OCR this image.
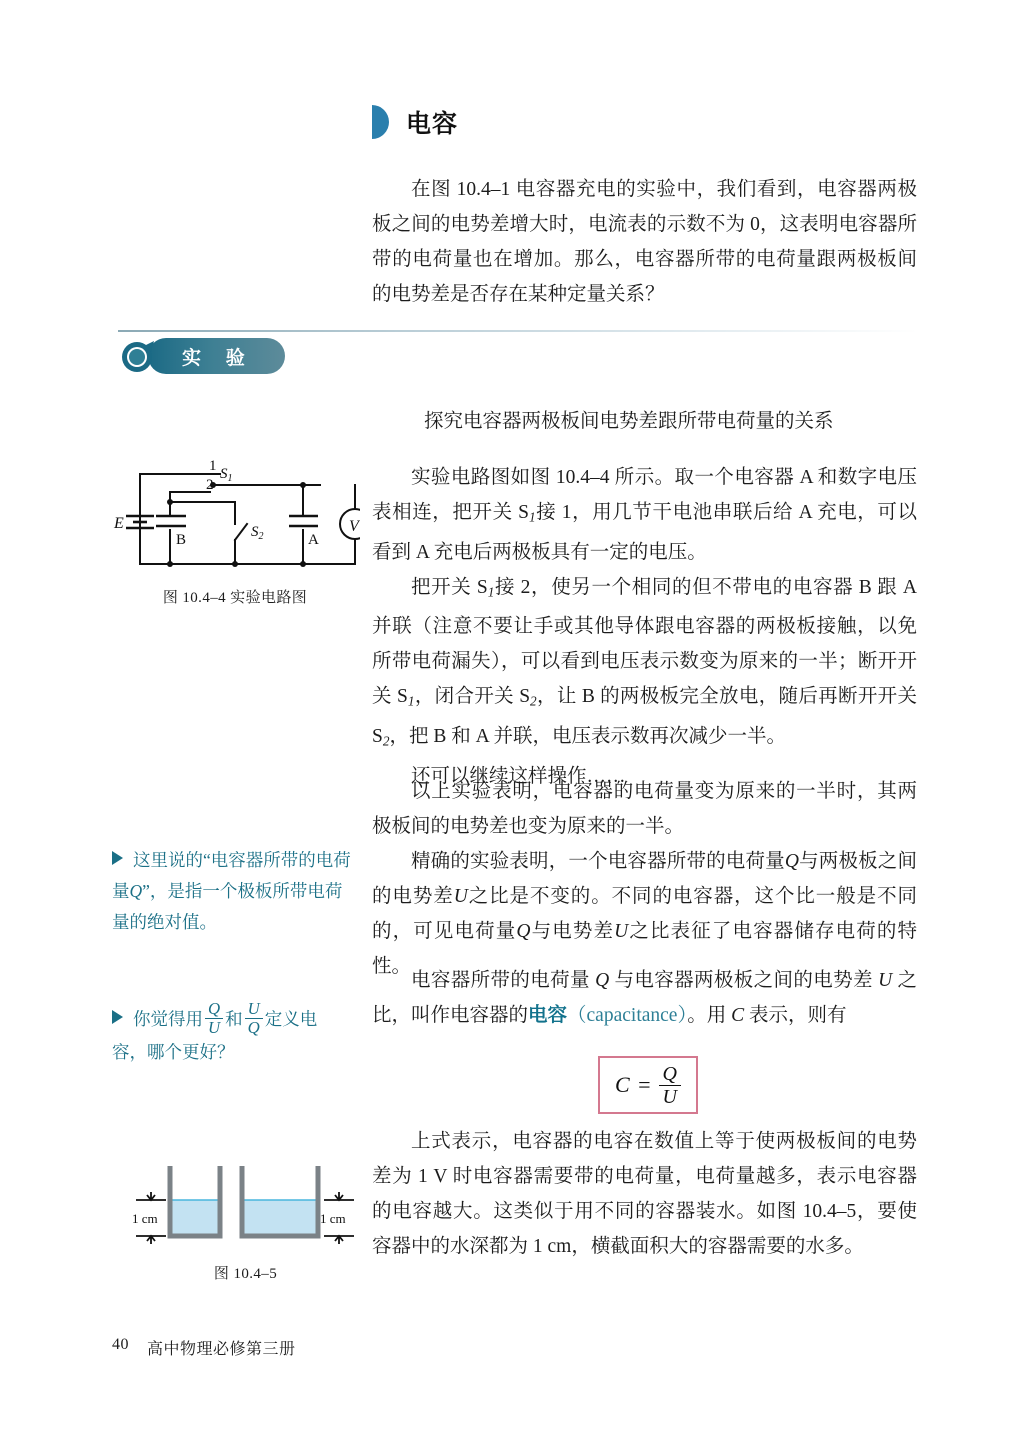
电容

在图 10.4–1 电容器充电的实验中，我们看到，电容器两极板之间的电势差增大时，电流表的示数不为 0，这表明电容器所带的电荷量也在增加。那么，电容器所带的电荷量跟两极板间的电势差是否存在某种定量关系？

实 验
探究电容器两极板间电势差跟所带电荷量的关系
E
1
2
$S_1$
$S_2$
B	A
V
图 10.4–4 实验电路图

实验电路图如图 10.4–4 所示。取一个电容器 A 和数字电压表相连，把开关 $S_1$接 1，用几节干电池串联后给 A 充电，可以看到 A 充电后两极板具有一定的电压。

把开关 $S_1$接 2，使另一个相同的但不带电的电容器 B 跟 A 并联（注意不要让手或其他导体跟电容器的两极板接触，以免所带电荷漏失），可以看到电压表示数变为原来的一半；断开开关 $S_1$，闭合开关 $S_2$，让 B 的两极板完全放电，随后再断开开关 $S_2$，把 B 和 A 并联，电压表示数再次减少一半。

还可以继续这样操作……

以上实验表明，电容器的电荷量变为原来的一半时，其两极板间的电势差也变为原来的一半。

精确的实验表明，一个电容器所带的电荷量Q与两极板之间的电势差U之比是不变的。不同的电容器，这个比一般是不同的，可见电荷量Q与电势差U之比表征了电容器储存电荷的特性。

电容器所带的电荷量 Q 与电容器两极板之间的电势差 U 之比，叫作电容器的电容（capacitance）。用 C 表示，则有

$C = \frac{Q}{U}$

上式表示，电容器的电容在数值上等于使两极板间的电势差为 1 V 时电容器需要带的电荷量，电荷量越多，表示电容器的电容越大。这类似于用不同的容器装水。如图 10.4–5，要使容器中的水深都为 1 cm，横截面积大的容器需要的水多。

这里说的“电容器所带的电荷量Q”，是指一个极板所带电荷量的绝对值。
你觉得用 $\frac{Q}{U}$ 和 $\frac{U}{Q}$ 定义电容，哪个更好？
1 cm	1 cm
图 10.4–5
40 高中物理必修第三册
